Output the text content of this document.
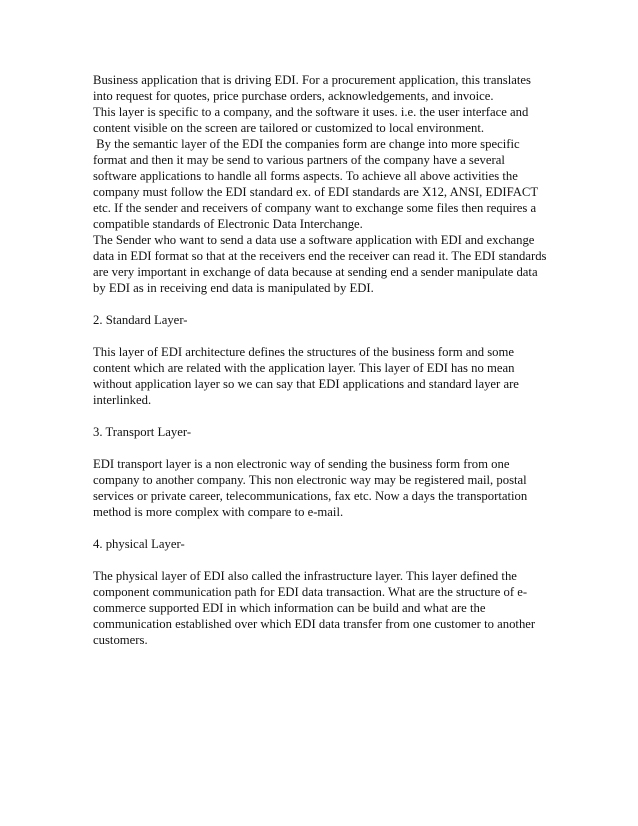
Business application that is driving EDI. For a procurement application, this translates
into request for quotes, price purchase orders, acknowledgements, and invoice.
This layer is specific to a company, and the software it uses. i.e. the user interface and
content visible on the screen are tailored or customized to local environment.
By the semantic layer of the EDI the companies form are change into more specific
format and then it may be send to various partners of the company have a several
software applications to handle all forms aspects. To achieve all above activities the
company must follow the EDI standard ex. of EDI standards are X12, ANSI, EDIFACT
etc. If the sender and receivers of company want to exchange some files then requires a
compatible standards of Electronic Data Interchange.
The Sender who want to send a data use a software application with EDI and exchange
data in EDI format so that at the receivers end the receiver can read it. The EDI standards
are very important in exchange of data because at sending end a sender manipulate data
by EDI as in receiving end data is manipulated by EDI.
2. Standard Layer-
This layer of EDI architecture defines the structures of the business form and some
content which are related with the application layer. This layer of EDI has no mean
without application layer so we can say that EDI applications and standard layer are
interlinked.
3. Transport Layer-
EDI transport layer is a non electronic way of sending the business form from one
company to another company. This non electronic way may be registered mail, postal
services or private career, telecommunications, fax etc. Now a days the transportation
method is more complex with compare to e-mail.
4. physical Layer-
The physical layer of EDI also called the infrastructure layer. This layer defined the
component communication path for EDI data transaction. What are the structure of e-
commerce supported EDI in which information can be build and what are the
communication established over which EDI data transfer from one customer to another
customers.
